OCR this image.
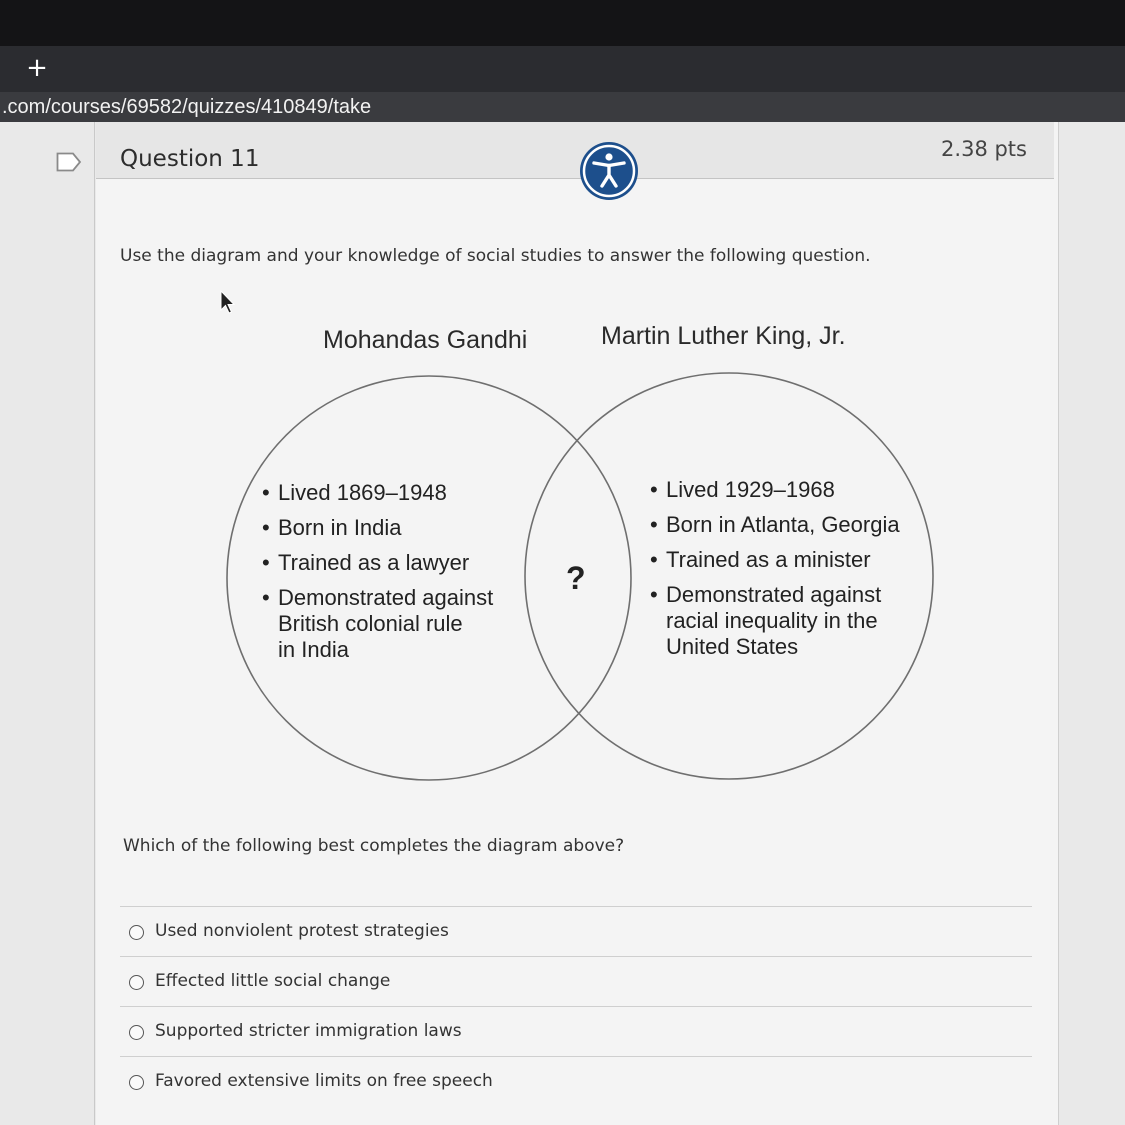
+
.com/courses/69582/quizzes/410849/take
Question 11	2.38 pts
Use the diagram and your knowledge of social studies to answer the following question.
Mohandas Gandhi	Martin Luther King, Jr.
• Lived 1869–1948
• Born in India
• Trained as a lawyer
• Demonstrated against
British colonial rule
in India
• Lived 1929–1968
• Born in Atlanta, Georgia
• Trained as a minister
• Demonstrated against
racial inequality in the
United States
?
Which of the following best completes the diagram above?
Used nonviolent protest strategies
Effected little social change
Supported stricter immigration laws
Favored extensive limits on free speech
